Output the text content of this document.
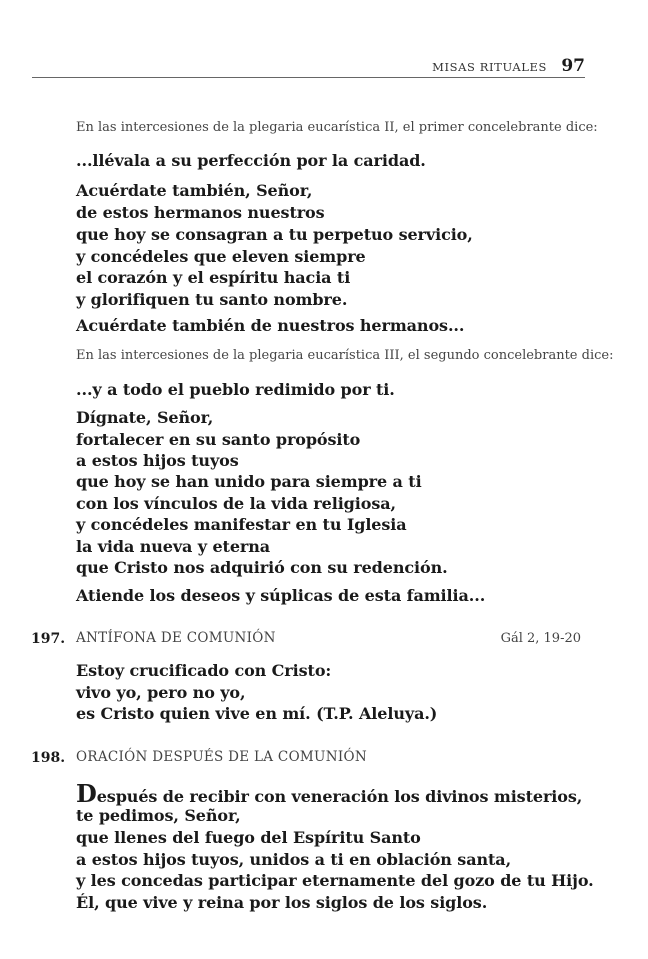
MISAS RITUALES 97
En las intercesiones de la plegaria eucarística II, el primer concelebrante dice:
...llévala a su perfección por la caridad.
Acuérdate también, Señor,
de estos hermanos nuestros
que hoy se consagran a tu perpetuo servicio,
y concédeles que eleven siempre
el corazón y el espíritu hacia ti
y glorifiquen tu santo nombre.
Acuérdate también de nuestros hermanos...
En las intercesiones de la plegaria eucarística III, el segundo concelebrante dice:
...y a todo el pueblo redimido por ti.
Dígnate, Señor,
fortalecer en su santo propósito
a estos hijos tuyos
que hoy se han unido para siempre a ti
con los vínculos de la vida religiosa,
y concédeles manifestar en tu Iglesia
la vida nueva y eterna
que Cristo nos adquirió con su redención.
Atiende los deseos y súplicas de esta familia...
197. ANTÍFONA DE COMUNIÓN	Gál 2, 19-20
Estoy crucificado con Cristo:
vivo yo, pero no yo,
es Cristo quien vive en mí. (T.P. Aleluya.)
198. ORACIÓN DESPUÉS DE LA COMUNIÓN
Después de recibir con veneración los divinos misterios,
te pedimos, Señor,
que llenes del fuego del Espíritu Santo
a estos hijos tuyos, unidos a ti en oblación santa,
y les concedas participar eternamente del gozo de tu Hijo.
Él, que vive y reina por los siglos de los siglos.
